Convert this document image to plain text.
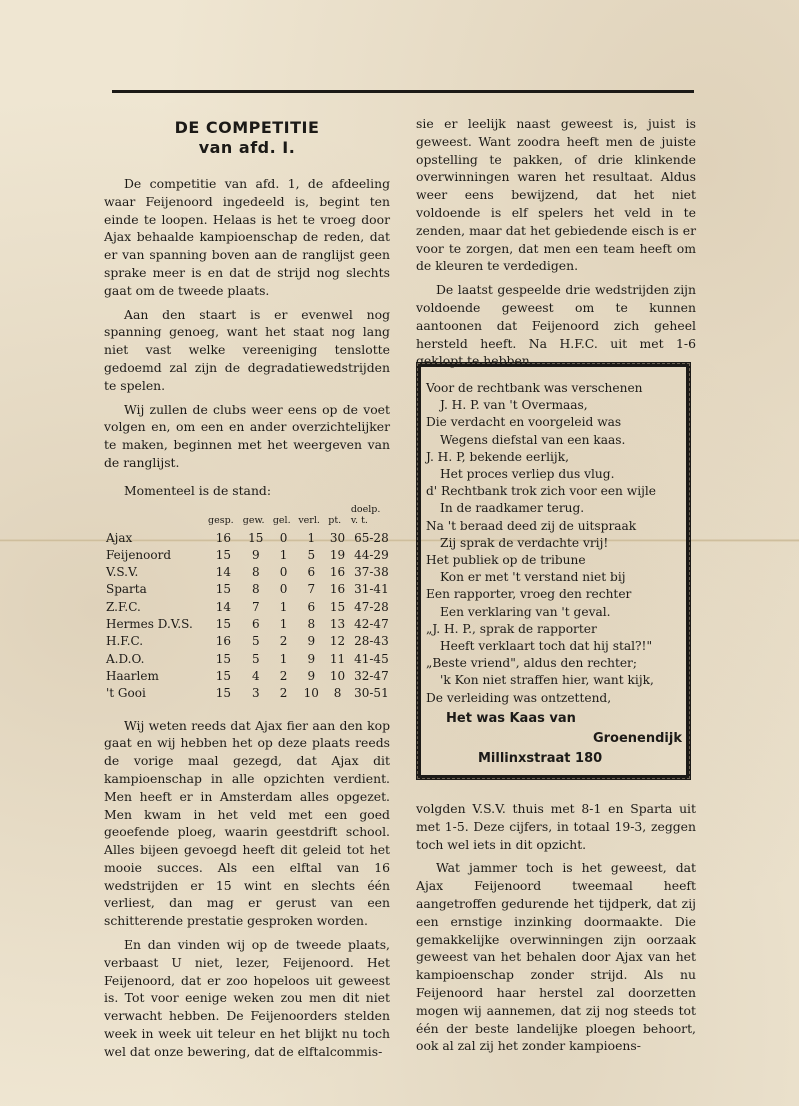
DE COMPETITIE
van afd. I.

De competitie van afd. 1, de afdeeling waar Feijenoord ingedeeld is, begint ten einde te loopen. Helaas is het te vroeg door Ajax behaalde kampioenschap de reden, dat er van spanning boven aan de ranglijst geen sprake meer is en dat de strijd nog slechts gaat om de tweede plaats.

Aan den staart is er evenwel nog spanning genoeg, want het staat nog lang niet vast welke vereeniging tenslotte gedoemd zal zijn de degradatiewedstrijden te spelen.

Wij zullen de clubs weer eens op de voet volgen en, om een en ander overzichtelijker te maken, beginnen met het weergeven van de ranglijst.

Momenteel is de stand:
	gesp.	gew.	gel.	verl.	pt.	doelp.
v. t.
Ajax	16	15	0	1	30	65-28
Feijenoord	15	9	1	5	19	44-29
V.S.V.	14	8	0	6	16	37-38
Sparta	15	8	0	7	16	31-41
Z.F.C.	14	7	1	6	15	47-28
Hermes D.V.S.	15	6	1	8	13	42-47
H.F.C.	16	5	2	9	12	28-43
A.D.O.	15	5	1	9	11	41-45
Haarlem	15	4	2	9	10	32-47
't Gooi	15	3	2	10	8	30-51

Wij weten reeds dat Ajax fier aan den kop gaat en wij hebben het op deze plaats reeds de vorige maal gezegd, dat Ajax dit kampioenschap in alle opzichten verdient. Men heeft er in Amsterdam alles opgezet. Men kwam in het veld met een goed geoefende ploeg, waarin geestdrift school. Alles bijeen gevoegd heeft dit geleid tot het mooie succes. Als een elftal van 16 wedstrijden er 15 wint en slechts één verliest, dan mag er gerust van een schitterende prestatie gesproken worden.

En dan vinden wij op de tweede plaats, verbaast U niet, lezer, Feijenoord. Het Feijenoord, dat er zoo hopeloos uit geweest is. Tot voor eenige weken zou men dit niet verwacht hebben. De Feijenoorders stelden week in week uit teleur en het blijkt nu toch wel dat onze bewering, dat de elftalcommis-

sie er leelijk naast geweest is, juist is geweest. Want zoodra heeft men de juiste opstelling te pakken, of drie klinkende overwinningen waren het resultaat. Aldus weer eens bewijzend, dat het niet voldoende is elf spelers het veld in te zenden, maar dat het gebiedende eisch is er voor te zorgen, dat men een team heeft om de kleuren te verdedigen.

De laatst gespeelde drie wedstrijden zijn voldoende geweest om te kunnen aantoonen dat Feijenoord zich geheel hersteld heeft. Na H.F.C. uit met 1-6 geklopt te hebben,

Voor de rechtbank was verschenen
J. H. P. van 't Overmaas,
Die verdacht en voorgeleid was
Wegens diefstal van een kaas.
J. H. P, bekende eerlijk,
Het proces verliep dus vlug.
d' Rechtbank trok zich voor een wijle
In de raadkamer terug.
Na 't beraad deed zij de uitspraak
Zij sprak de verdachte vrij!
Het publiek op de tribune
Kon er met 't verstand niet bij
Een rapporter, vroeg den rechter
Een verklaring van 't geval.
„J. H. P., sprak de rapporter
Heeft verklaart toch dat hij stal?!"
„Beste vriend", aldus den rechter;
'k Kon niet straffen hier, want kijk,
De verleiding was ontzettend,
Het was Kaas van
Groenendijk
Millinxstraat 180

volgden V.S.V. thuis met 8-1 en Sparta uit met 1-5. Deze cijfers, in totaal 19-3, zeggen toch wel iets in dit opzicht.

Wat jammer toch is het geweest, dat Ajax Feijenoord tweemaal heeft aangetroffen gedurende het tijdperk, dat zij een ernstige inzinking doormaakte. Die gemakkelijke overwinningen zijn oorzaak geweest van het behalen door Ajax van het kampioenschap zonder strijd. Als nu Feijenoord haar herstel zal doorzetten mogen wij aannemen, dat zij nog steeds tot één der beste landelijke ploegen behoort, ook al zal zij het zonder kampioens-
